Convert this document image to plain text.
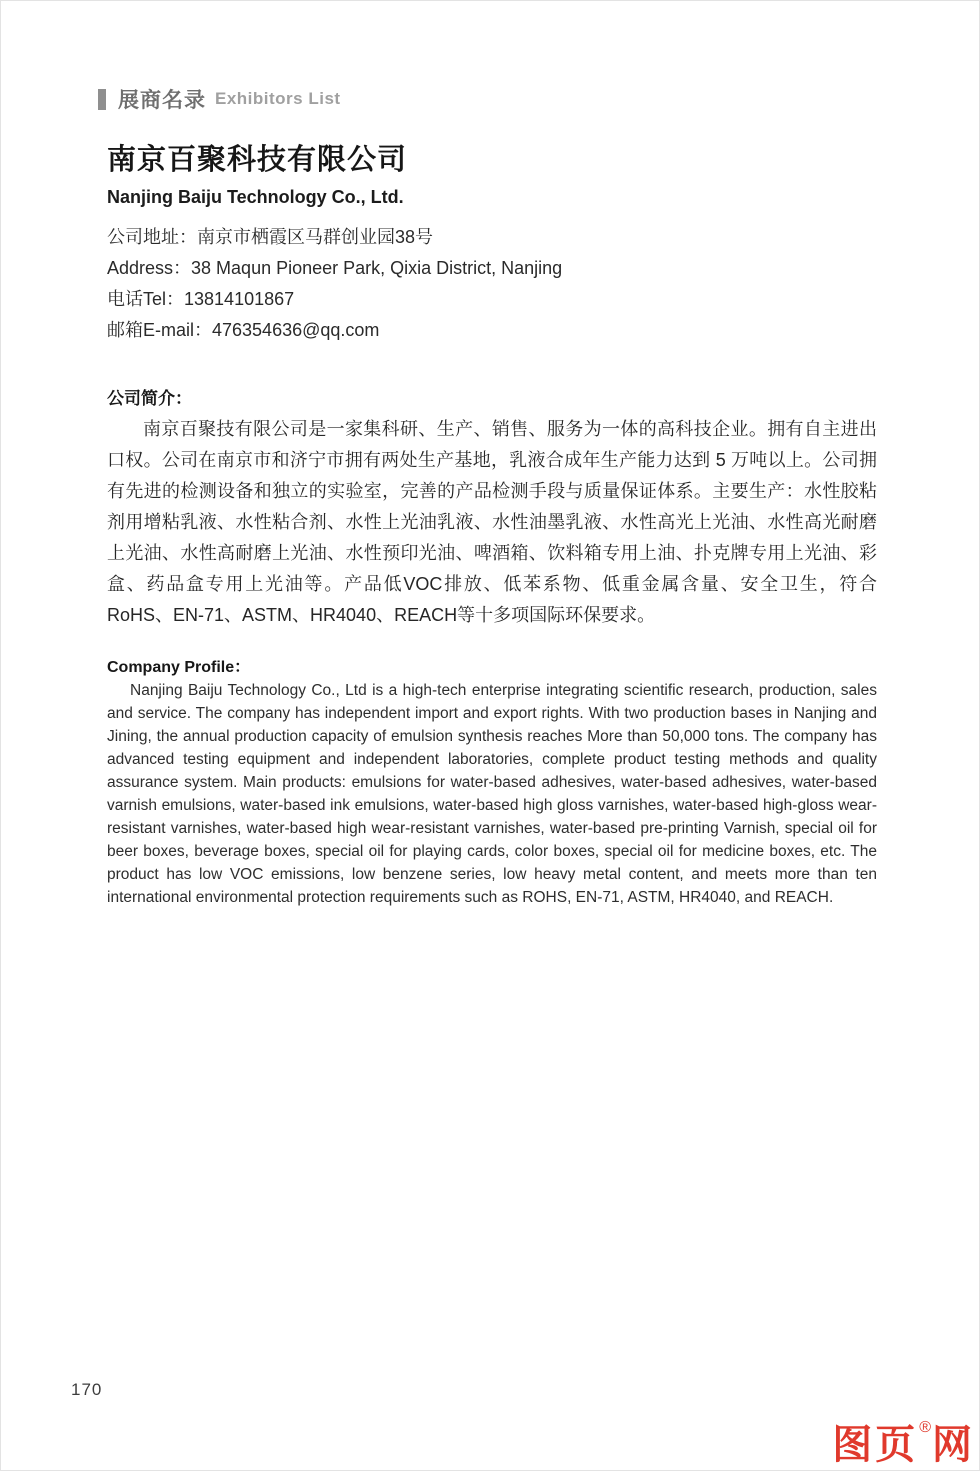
展商名录 Exhibitors List
南京百聚科技有限公司
Nanjing Baiju Technology Co., Ltd.
公司地址：南京市栖霞区马群创业园38号
Address：38 Maqun Pioneer Park, Qixia District, Nanjing
电话Tel：13814101867
邮箱E-mail：476354636@qq.com
公司简介：
南京百聚技有限公司是一家集科研、生产、销售、服务为一体的高科技企业。拥有自主进出口权。公司在南京市和济宁市拥有两处生产基地，乳液合成年生产能力达到 5 万吨以上。公司拥有先进的检测设备和独立的实验室，完善的产品检测手段与质量保证体系。主要生产：水性胶粘剂用增粘乳液、水性粘合剂、水性上光油乳液、水性油墨乳液、水性高光上光油、水性高光耐磨上光油、水性高耐磨上光油、水性预印光油、啤酒箱、饮料箱专用上油、扑克牌专用上光油、彩盒、药品盒专用上光油等。产品低VOC排放、低苯系物、低重金属含量、安全卫生，符合RoHS、EN-71、ASTM、HR4040、REACH等十多项国际环保要求。
Company Profile：
Nanjing Baiju Technology Co., Ltd is a high-tech enterprise integrating scientific research, production, sales and service. The company has independent import and export rights. With two production bases in Nanjing and Jining, the annual production capacity of emulsion synthesis reaches More than 50,000 tons. The company has advanced testing equipment and independent laboratories, complete product testing methods and quality assurance system. Main products: emulsions for water-based adhesives, water-based adhesives, water-based varnish emulsions, water-based ink emulsions, water-based high gloss varnishes, water-based high-gloss wear-resistant varnishes, water-based high wear-resistant varnishes, water-based pre-printing Varnish, special oil for beer boxes, beverage boxes, special oil for playing cards, color boxes, special oil for medicine boxes, etc. The product has low VOC emissions, low benzene series, low heavy metal content, and meets more than ten international environmental protection requirements such as ROHS, EN-71, ASTM, HR4040, and REACH.
170
图页®网
